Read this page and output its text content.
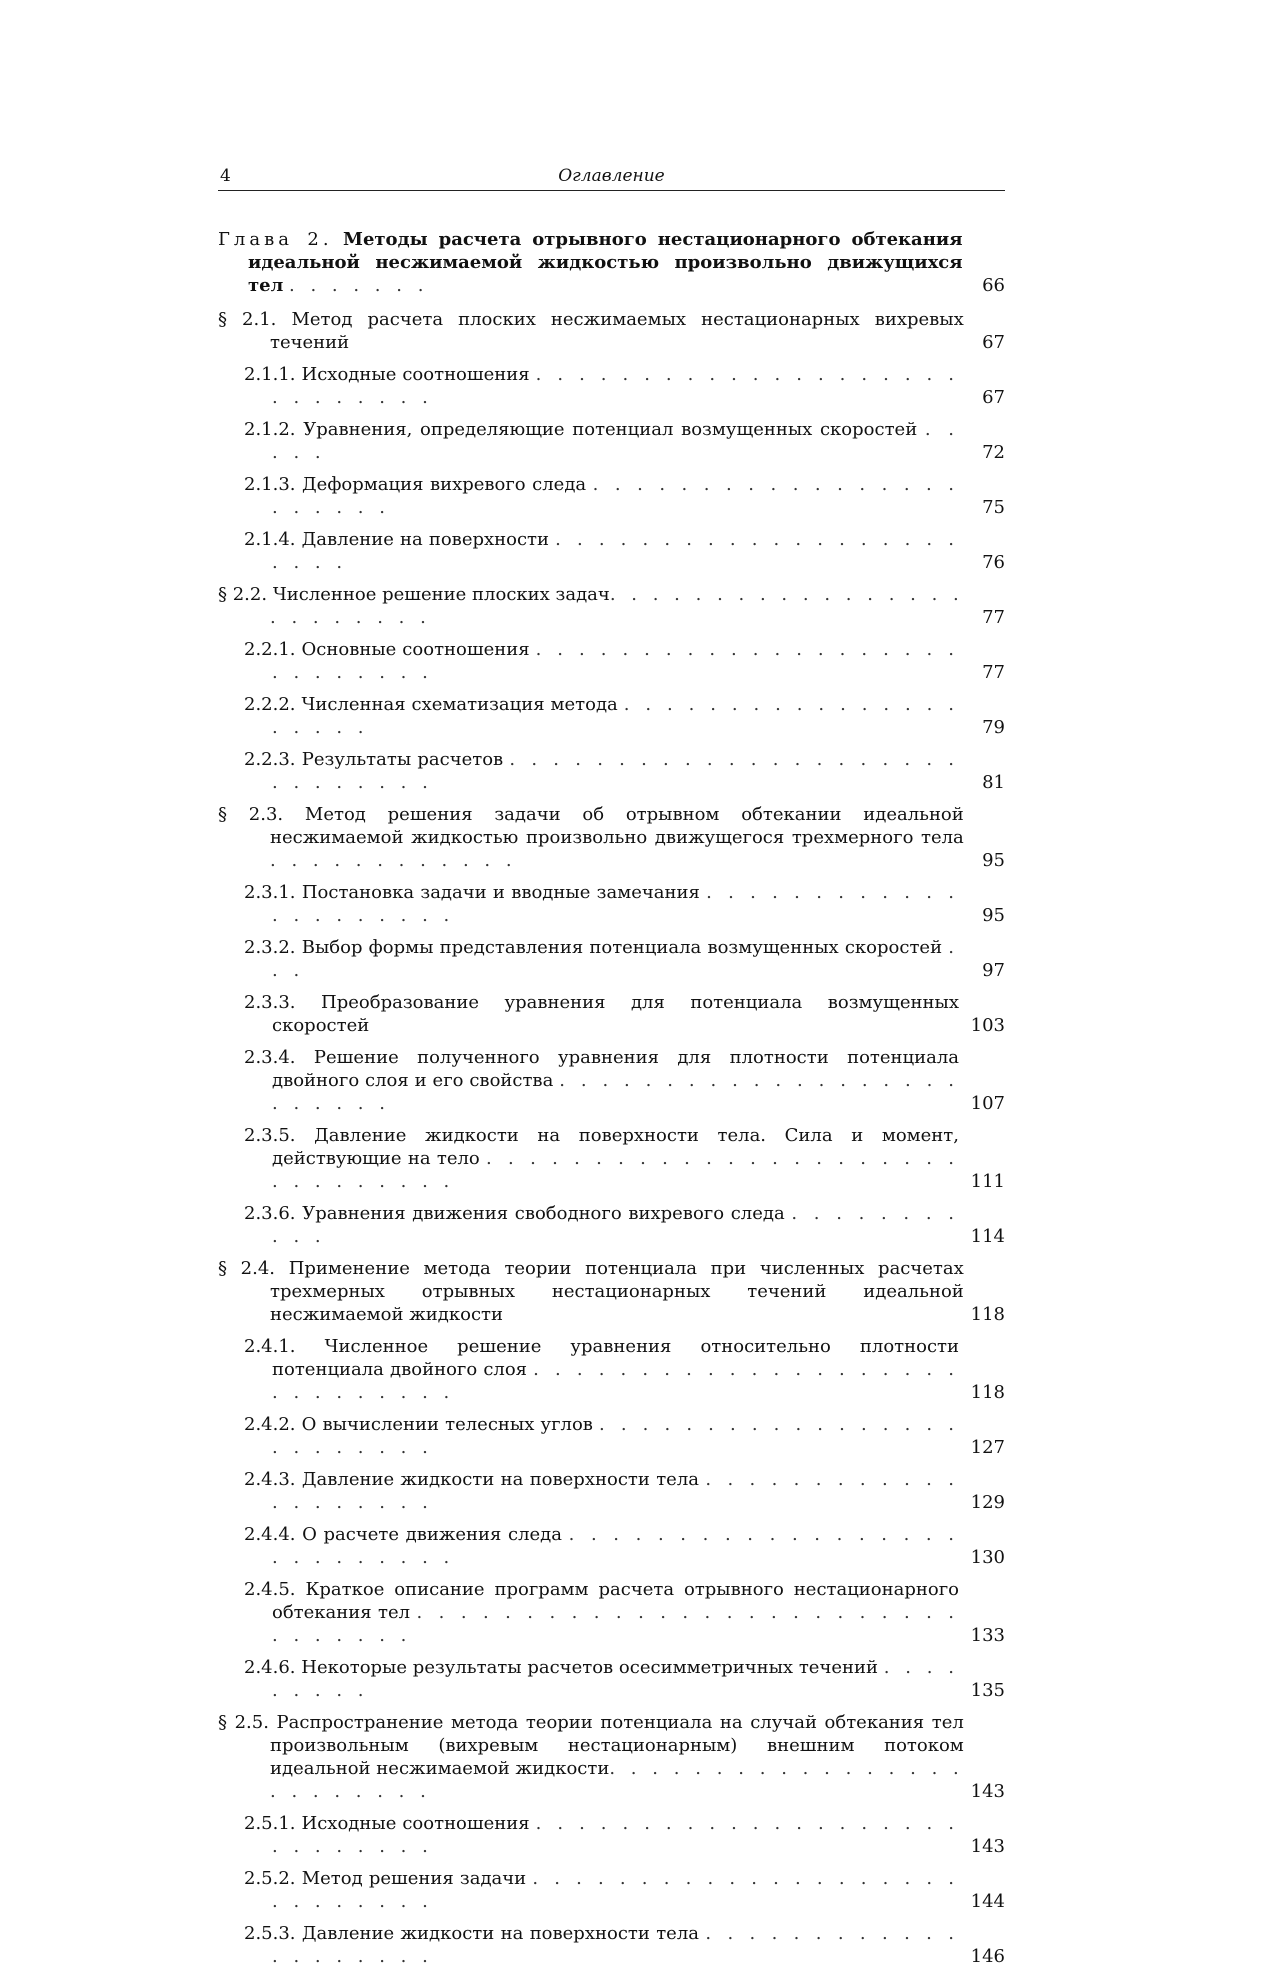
4	Оглавление
Глава 2. Методы расчета отрывного нестационарного обтекания идеальной несжимаемой жидкостью произвольно движущихся тел . . . . . . .	66
§ 2.1. Метод расчета плоских несжимаемых нестационарных вихревых течений	67
2.1.1. Исходные соотношения . . . . . . . . . . . . . . . . . . . . . . . . . . . .	67
2.1.2. Уравнения, определяющие потенциал возмущенных скоростей . . . . .	72
2.1.3. Деформация вихревого следа . . . . . . . . . . . . . . . . . . . . . . .	75
2.1.4. Давление на поверхности . . . . . . . . . . . . . . . . . . . . . . .	76
§ 2.2. Численное решение плоских задач. . . . . . . . . . . . . . . . . . . . . . . . .	77
2.2.1. Основные соотношения . . . . . . . . . . . . . . . . . . . . . . . . . . . .	77
2.2.2. Численная схематизация метода . . . . . . . . . . . . . . . . . . . . .	79
2.2.3. Результаты расчетов . . . . . . . . . . . . . . . . . . . . . . . . . . . . .	81
§ 2.3. Метод решения задачи об отрывном обтекании идеальной несжимаемой жидкостью произвольно движущегося трехмерного тела . . . . . . . . . . . .	95
2.3.1. Постановка задачи и вводные замечания . . . . . . . . . . . . . . . . . . . . .	95
2.3.2. Выбор формы представления потенциала возмущенных скоростей . . .	97
2.3.3. Преобразование уравнения для потенциала возмущенных скоростей	103
2.3.4. Решение полученного уравнения для плотности потенциала двойного слоя и его свойства . . . . . . . . . . . . . . . . . . . . . . . . .	107
2.3.5. Давление жидкости на поверхности тела. Сила и момент, действующие на тело . . . . . . . . . . . . . . . . . . . . . . . . . . . . . . .	111
2.3.6. Уравнения движения свободного вихревого следа . . . . . . . . . . .	114
§ 2.4. Применение метода теории потенциала при численных расчетах трехмерных отрывных нестационарных течений идеальной несжимаемой жидкости	118
2.4.1. Численное решение уравнения относительно плотности потенциала двойного слоя . . . . . . . . . . . . . . . . . . . . . . . . . . . . .	118
2.4.2. О вычислении телесных углов . . . . . . . . . . . . . . . . . . . . . . . . .	127
2.4.3. Давление жидкости на поверхности тела . . . . . . . . . . . . . . . . . . . .	129
2.4.4. О расчете движения следа . . . . . . . . . . . . . . . . . . . . . . . . . . .	130
2.4.5. Краткое описание программ расчета отрывного нестационарного обтекания тел . . . . . . . . . . . . . . . . . . . . . . . . . . . . . . . .	133
2.4.6. Некоторые результаты расчетов осесимметричных течений . . . . . . . . .	135
§ 2.5. Распространение метода теории потенциала на случай обтекания тел произвольным (вихревым нестационарным) внешним потоком идеальной несжимаемой жидкости. . . . . . . . . . . . . . . . . . . . . . . . .	143
2.5.1. Исходные соотношения . . . . . . . . . . . . . . . . . . . . . . . . . . . .	143
2.5.2. Метод решения задачи . . . . . . . . . . . . . . . . . . . . . . . . . . . .	144
2.5.3. Давление жидкости на поверхности тела . . . . . . . . . . . . . . . . . . . .	146
